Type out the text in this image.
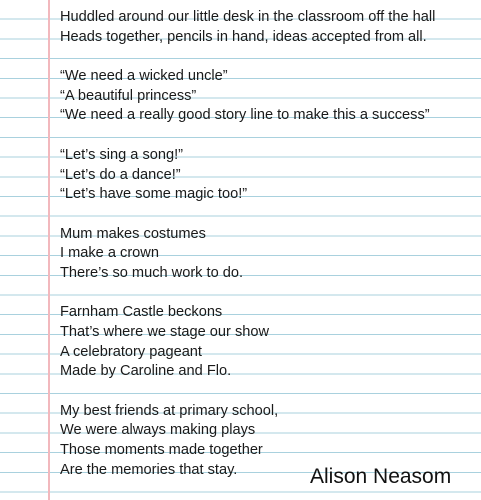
Huddled around our little desk in the classroom off the hall
Heads together, pencils in hand, ideas accepted from all.
“We need a wicked uncle”
“A beautiful princess”
“We need a really good story line to make this a success”
“Let’s sing a song!”
“Let’s do a dance!”
“Let’s have some magic too!”
Mum makes costumes
I make a crown
There’s so much work to do.
Farnham Castle beckons
That’s where we stage our show
A celebratory pageant
Made by Caroline and Flo.
My best friends at primary school,
We were always making plays
Those moments made together
Are the memories that stay.	Alison Neasom
